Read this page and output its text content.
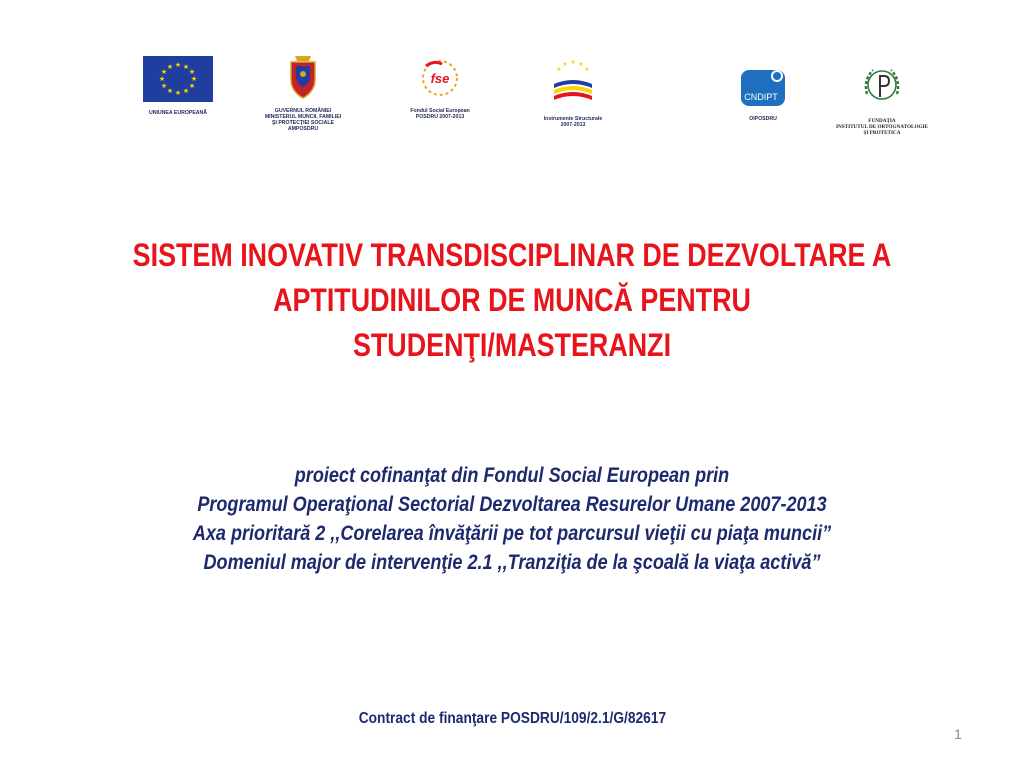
★ ★
★
★
★
★
★
★
★
★
★
★
UNIUNEA EUROPEANĂ	GUVERNUL ROMÂNIEI
MINISTERUL MUNCII, FAMILIEI
ŞI PROTECŢIEI SOCIALE
AMPOSDRU
fse
Fondul Social European
POSDRU 2007-2013
★ ★
★
★
★
Instrumente Structurale
2007-2013
CNDIPT
OIPOSDRU	FUNDAŢIA
INSTITUTUL DE ORTOGNATOLOGIE
ŞI PROTETICA
SISTEM INOVATIV TRANSDISCIPLINAR DE DEZVOLTARE A
APTITUDINILOR DE MUNCĂ PENTRU
STUDENŢI/MASTERANZI
proiect cofinanţat din Fondul Social European prin
Programul Operaţional Sectorial Dezvoltarea Resurelor Umane 2007-2013
Axa prioritară 2 ,,Corelarea învăţării pe tot parcursul vieţii cu piaţa muncii”
Domeniul major de intervenţie 2.1 ,,Tranziţia de la şcoală la viaţa activă”
Contract de finanţare POSDRU/109/2.1/G/82617
1
